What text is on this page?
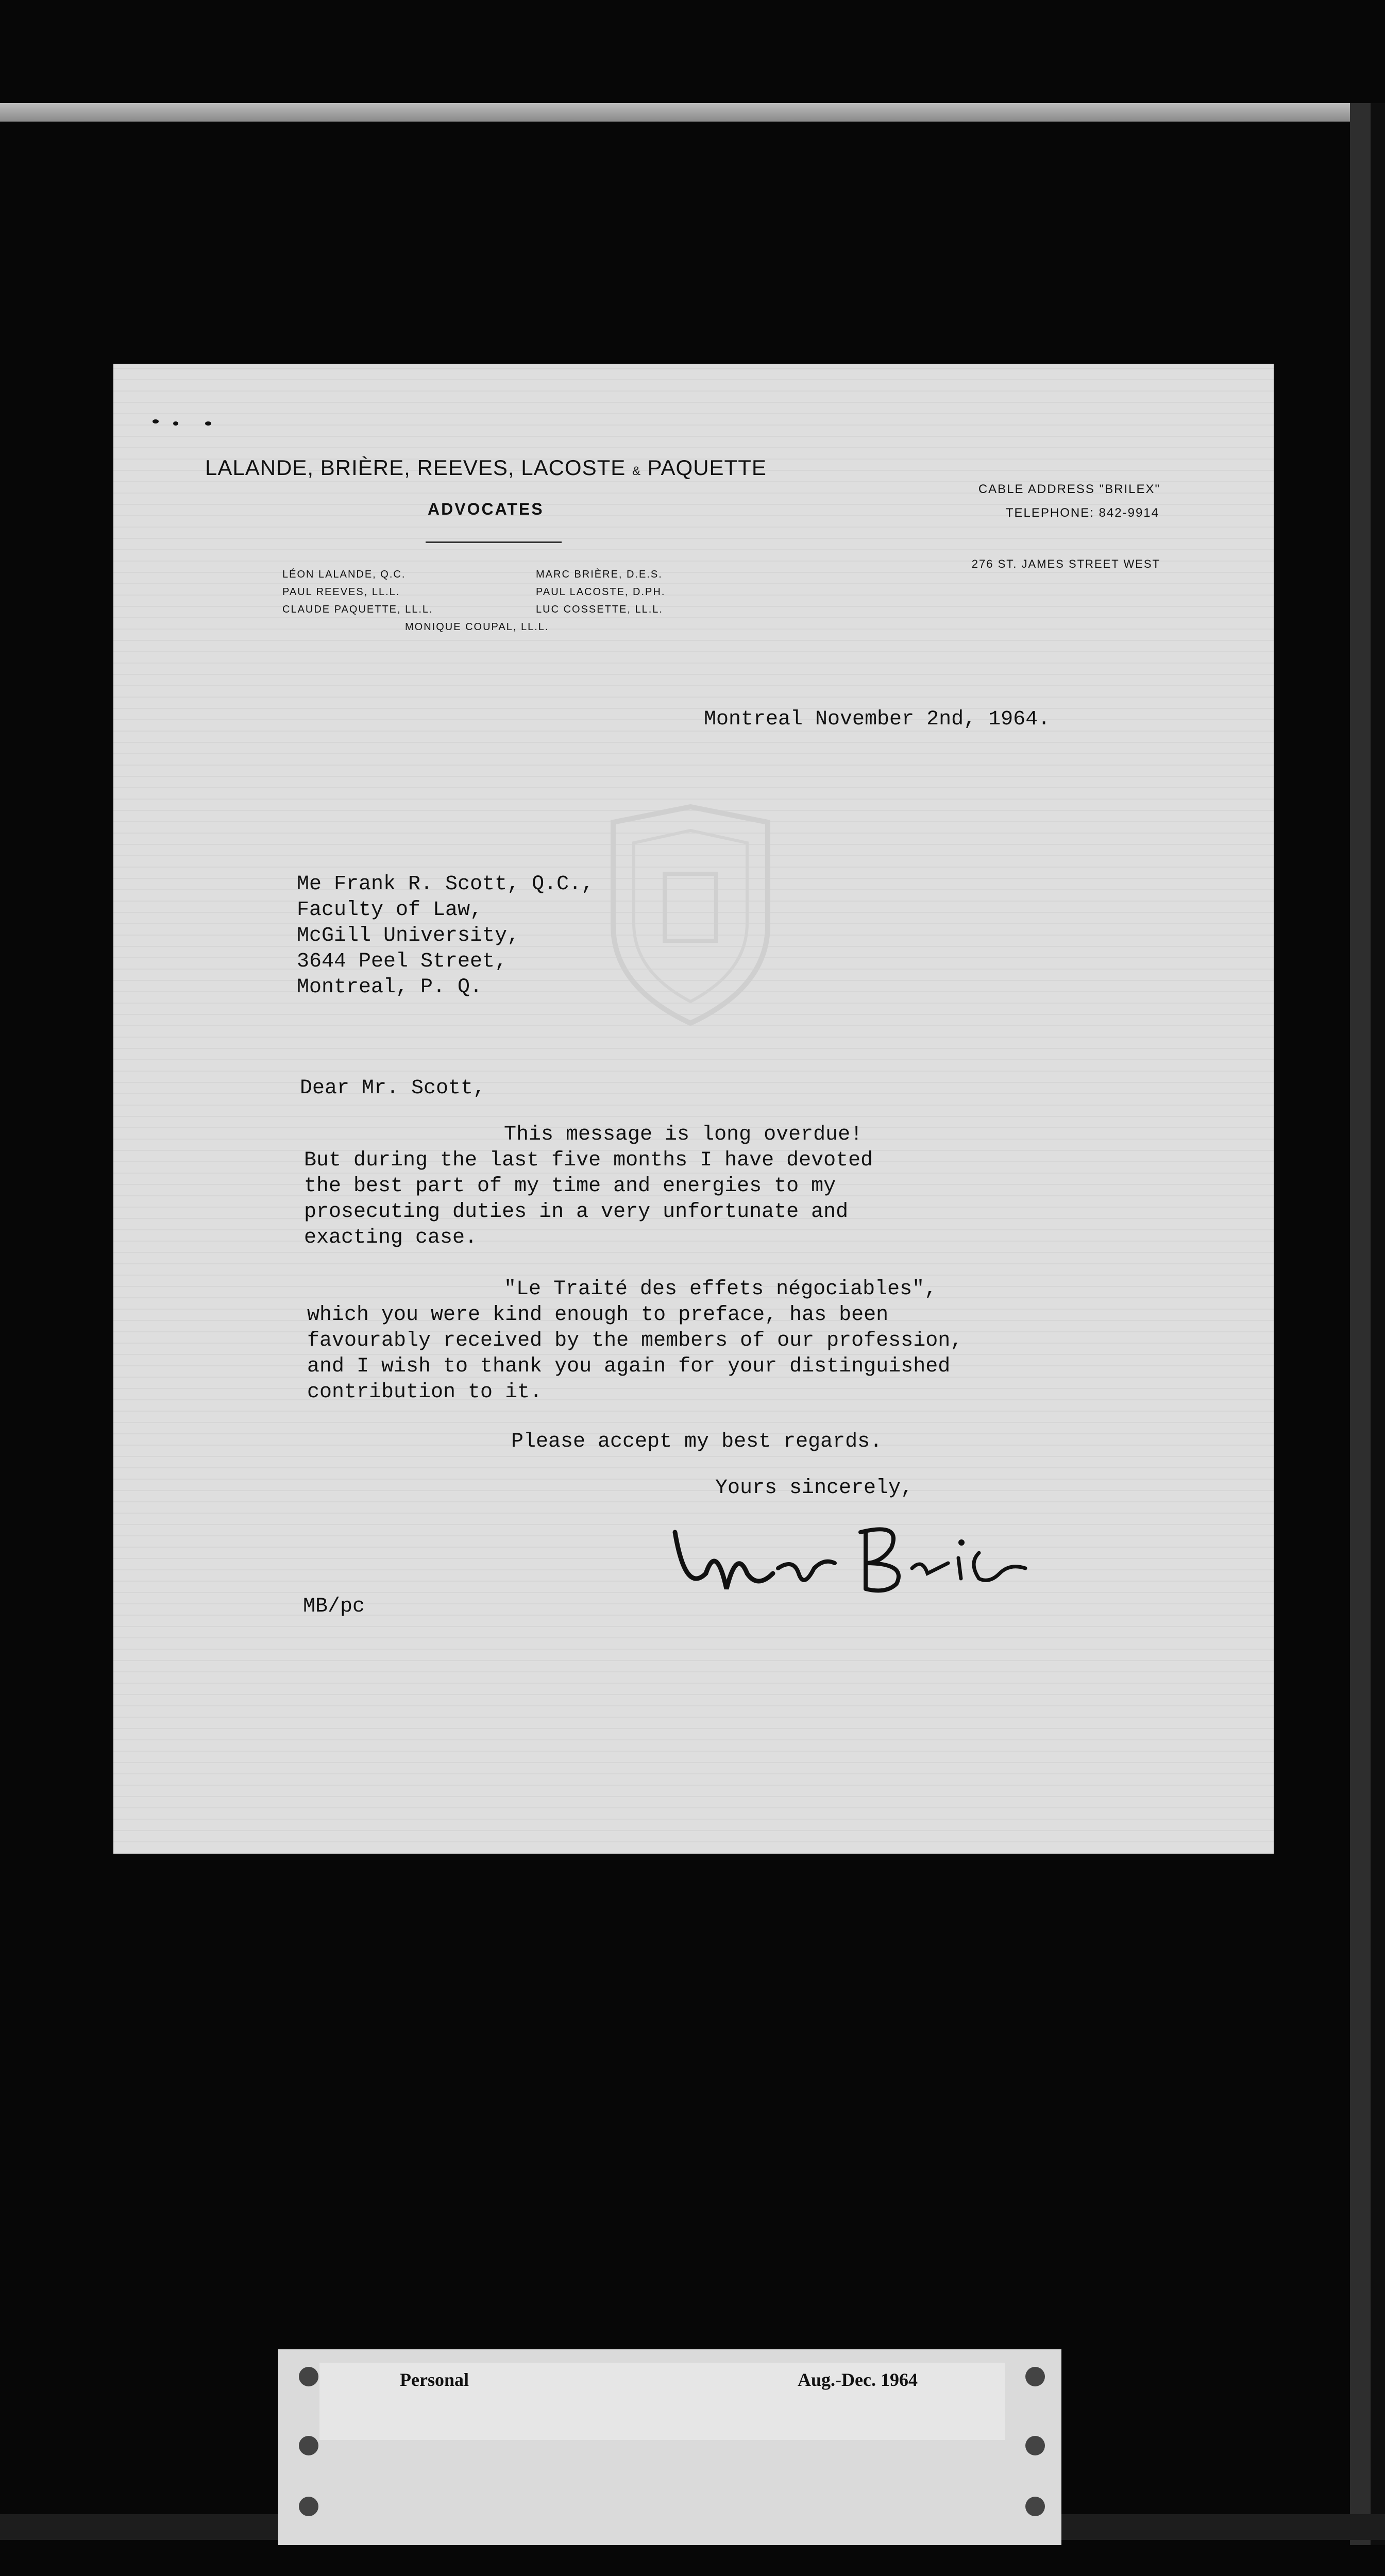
LALANDE, BRIÈRE, REEVES, LACOSTE & PAQUETTE
ADVOCATES
CABLE ADDRESS "BRILEX"
TELEPHONE: 842-9914
276 ST. JAMES STREET WEST
LÉON LALANDE, Q.C.	MARC BRIÈRE, D.E.S.
PAUL REEVES, LL.L.	PAUL LACOSTE, D.PH.
CLAUDE PAQUETTE, LL.L.	LUC COSSETTE, LL.L.
MONIQUE COUPAL, LL.L.
Montreal November 2nd, 1964.
Me Frank R. Scott, Q.C.,
Faculty of Law,
McGill University,
3644 Peel Street,
Montreal, P. Q.
Dear Mr. Scott,
This message is long overdue!
But during the last five months I have devoted
the best part of my time and energies to my
prosecuting duties in a very unfortunate and
exacting case.
"Le Traité des effets négociables",
which you were kind enough to preface, has been
favourably received by the members of our profession,
and I wish to thank you again for your distinguished
contribution to it.
Please accept my best regards.
Yours sincerely,
MB/pc
Personal	Aug.-Dec. 1964
